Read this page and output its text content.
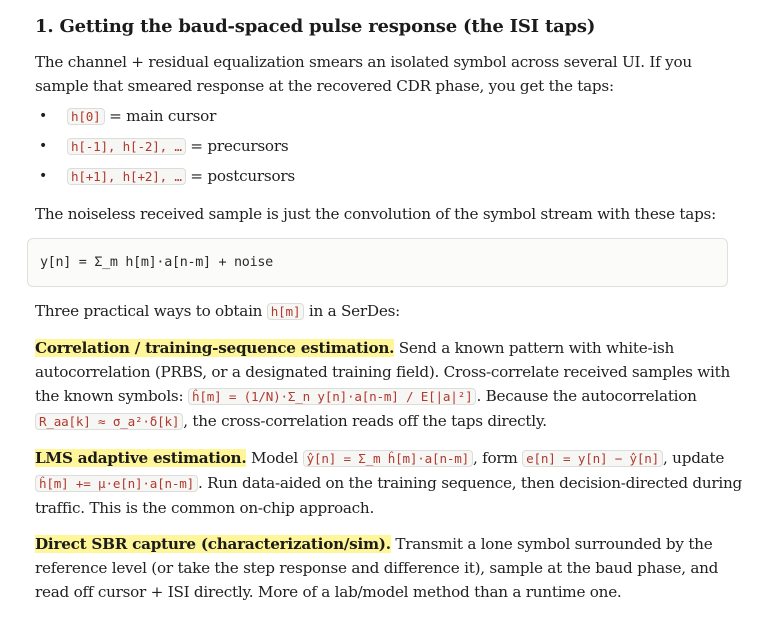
1. Getting the baud-spaced pulse response (the ISI taps)

The channel + residual equalization smears an isolated symbol across several UI. If you sample that smeared response at the recovered CDR phase, you get the taps:

• h[0] = main cursor
• h[-1], h[-2], … = precursors
• h[+1], h[+2], … = postcursors

The noiseless received sample is just the convolution of the symbol stream with these taps:

y[n] = Σ_m h[m]·a[n-m] + noise

Three practical ways to obtain h[m] in a SerDes:

Correlation / training-sequence estimation. Send a known pattern with white-ish autocorrelation (PRBS, or a designated training field). Cross-correlate received samples with the known symbols: ĥ[m] = (1/N)·Σ_n y[n]·a[n-m] / E[|a|²] . Because the autocorrelation R_aa[k] ≈ σ_a²·δ[k] , the cross-correlation reads off the taps directly.

LMS adaptive estimation. Model ŷ[n] = Σ_m ĥ[m]·a[n-m] , form e[n] = y[n] − ŷ[n] , update ĥ[m] += μ·e[n]·a[n-m] . Run data-aided on the training sequence, then decision-directed during traffic. This is the common on-chip approach.

Direct SBR capture (characterization/sim). Transmit a lone symbol surrounded by the reference level (or take the step response and difference it), sample at the baud phase, and read off cursor + ISI directly. More of a lab/model method than a runtime one.
